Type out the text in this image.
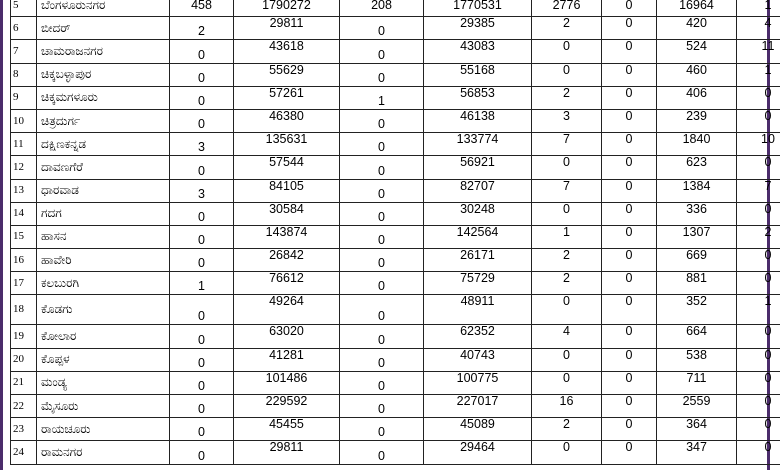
5	ಬೆಂಗಳೂರುನಗರ	458	1790272	208	1770531	2776	0	16964	1
6	ಬೀದರ್	2	29811	0	29385	2	0	420	4
7	ಚಾಮರಾಜನಗರ	0	43618	0	43083	0	0	524	11
8	ಚಿಕ್ಕಬಳ್ಳಾಪುರ	0	55629	0	55168	0	0	460	1
9	ಚಿಕ್ಕಮಗಳೂರು	0	57261	1	56853	2	0	406	0
10	ಚಿತ್ರದುರ್ಗ	0	46380	0	46138	3	0	239	0
11	ದಕ್ಷಿಣಕನ್ನಡ	3	135631	0	133774	7	0	1840	10
12	ದಾವಣಗೆರೆ	0	57544	0	56921	0	0	623	0
13	ಧಾರವಾಡ	3	84105	0	82707	7	0	1384	7
14	ಗದಗ	0	30584	0	30248	0	0	336	0
15	ಹಾಸನ	0	143874	0	142564	1	0	1307	2
16	ಹಾವೇರಿ	0	26842	0	26171	2	0	669	0
17	ಕಲಬುರಗಿ	1	76612	0	75729	2	0	881	0
18	ಕೊಡಗು	0	49264	0	48911	0	0	352	1
19	ಕೋಲಾರ	0	63020	0	62352	4	0	664	0
20	ಕೊಪ್ಪಳ	0	41281	0	40743	0	0	538	0
21	ಮಂಡ್ಯ	0	101486	0	100775	0	0	711	0
22	ಮೈಸೂರು	0	229592	0	227017	16	0	2559	0
23	ರಾಯಚೂರು	0	45455	0	45089	2	0	364	0
24	ರಾಮನಗರ	0	29811	0	29464	0	0	347	0
